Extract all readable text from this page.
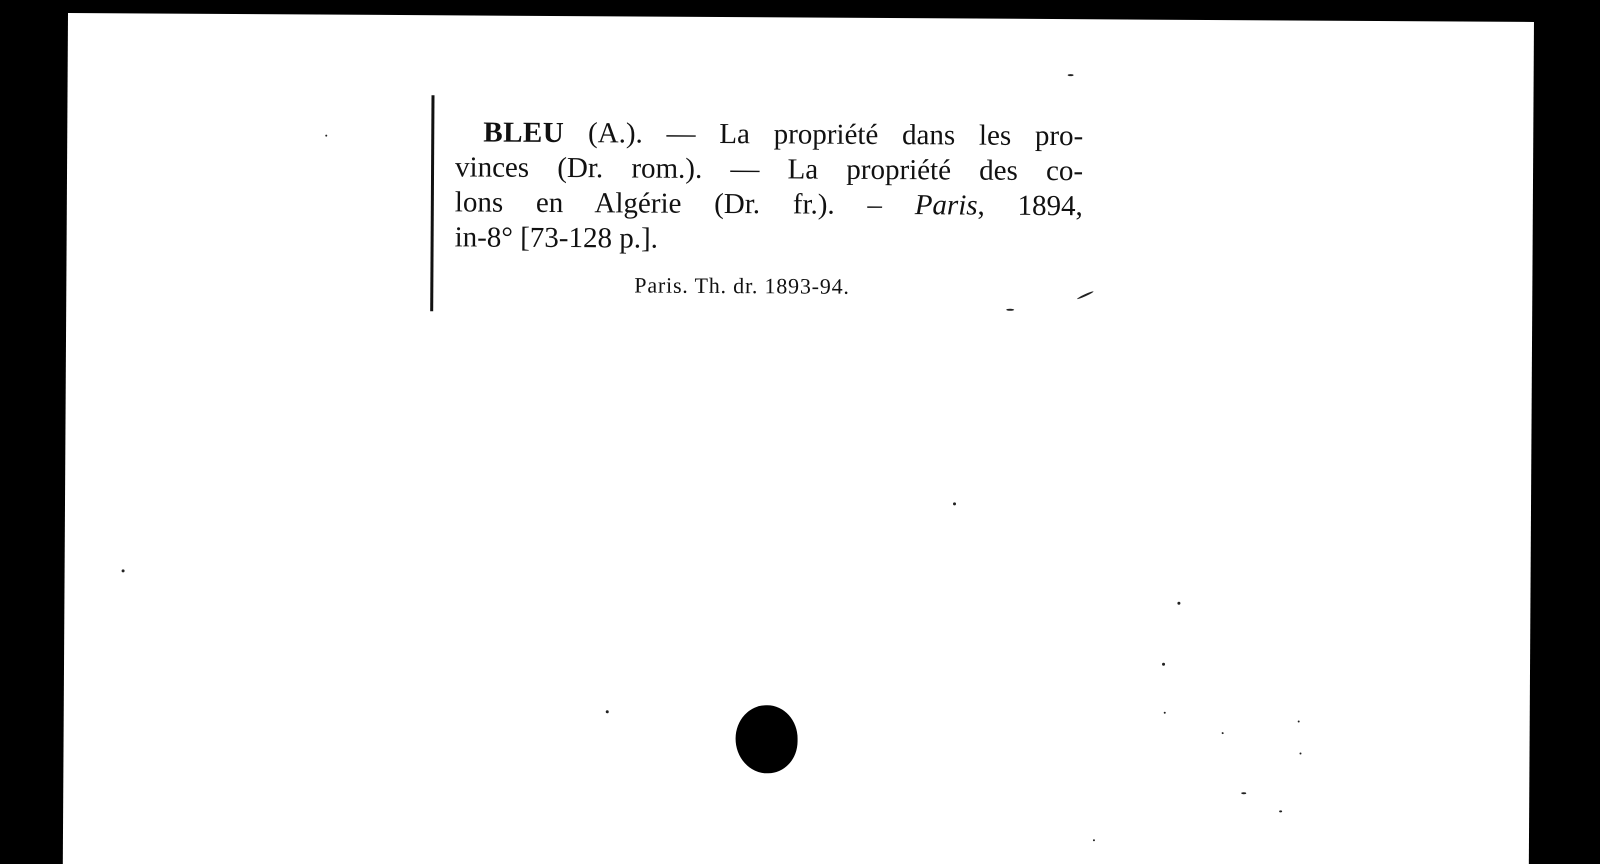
BLEU (A.). — La propriété dans les pro-
vinces (Dr. rom.). — La propriété des co-
lons en Algérie (Dr. fr.). – Paris, 1894,
in-8° [73-128 p.].
Paris. Th. dr. 1893-94.
